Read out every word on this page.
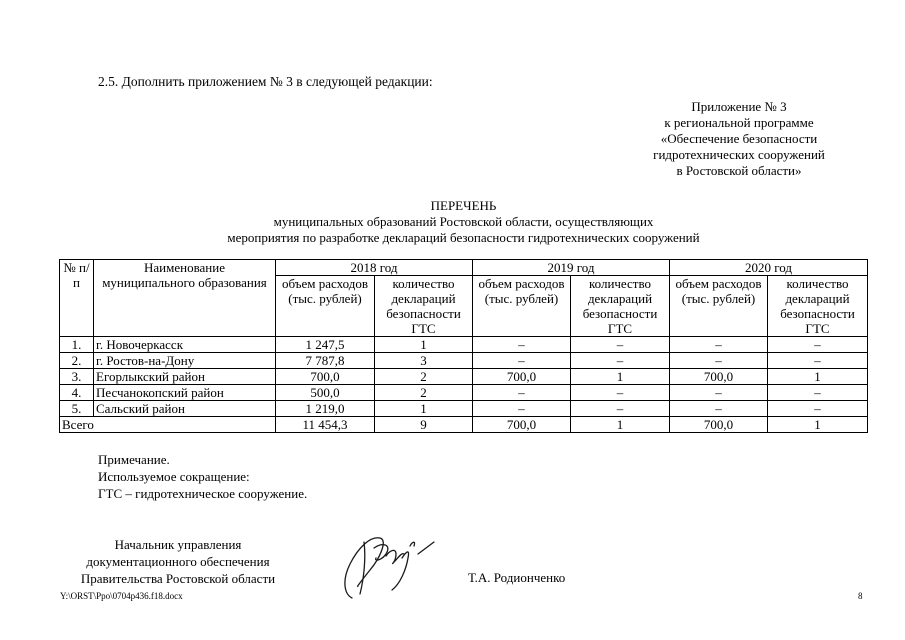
2.5. Дополнить приложением № 3 в следующей редакции:
Приложение № 3
к региональной программе
«Обеспечение безопасности
гидротехнических сооружений
в Ростовской области»
ПЕРЕЧЕНЬ
муниципальных образований Ростовской области, осуществляющих
мероприятия по разработке деклараций безопасности гидротехнических сооружений
№ п/п	Наименование муниципального образования	2018 год		2019 год		2020 год	
		объем расходов (тыс. рублей)	количество деклараций безопасности ГТС	объем расходов (тыс. рублей)	количество деклараций безопасности ГТС	объем расходов (тыс. рублей)	количество деклараций безопасности ГТС
1.	г. Новочеркасск	1 247,5	1	–	–	–	–
2.	г. Ростов-на-Дону	7 787,8	3	–	–	–	–
3.	Егорлыкский район	700,0	2	700,0	1	700,0	1
4.	Песчанокопский район	500,0	2	–	–	–	–
5.	Сальский район	1 219,0	1	–	–	–	–
Всего		11 454,3	9	700,0	1	700,0	1
Примечание.
Используемое сокращение:
ГТС – гидротехническое сооружение.
Начальник управления
документационного обеспечения
Правительства Ростовской области	Т.А. Родионченко
Y:\ORST\Ppo\0704p436.f18.docx	8
